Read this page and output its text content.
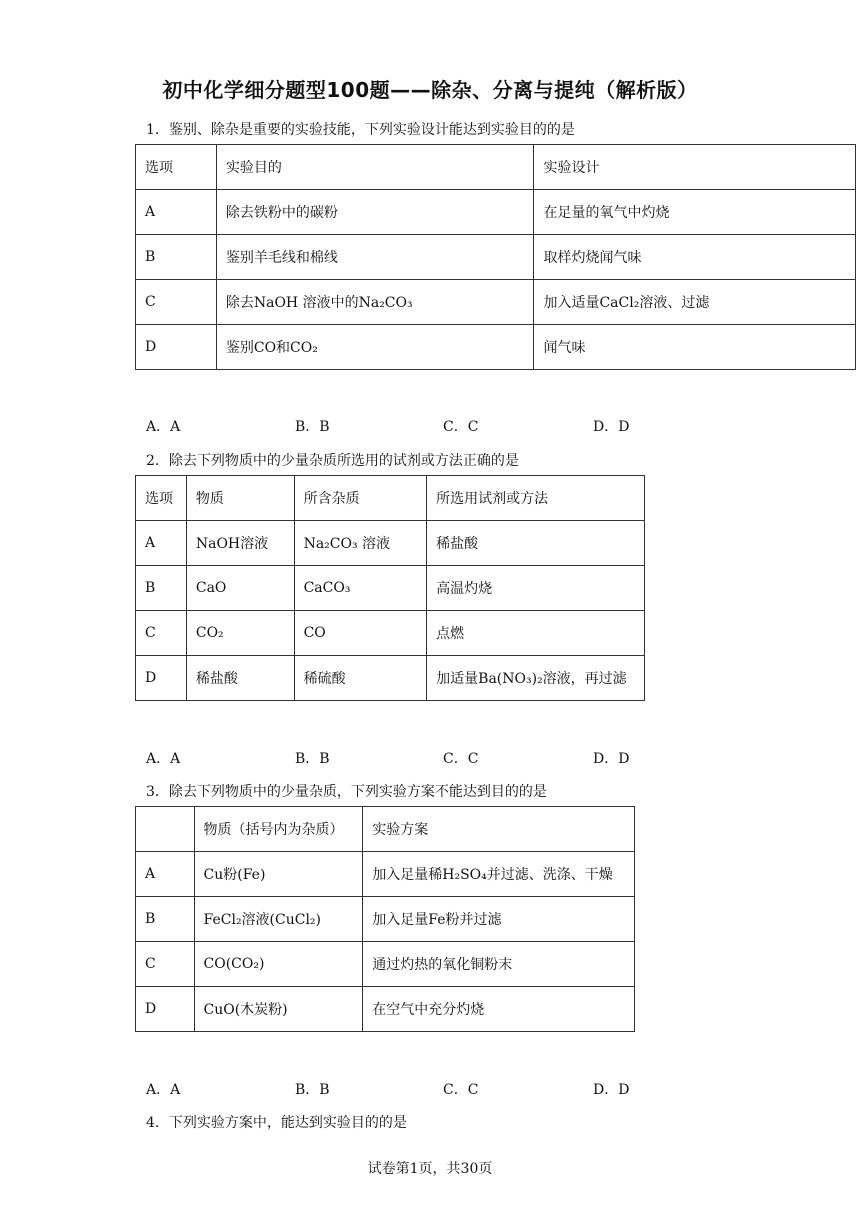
初中化学细分题型100题——除杂、分离与提纯（解析版）
1．鉴别、除杂是重要的实验技能，下列实验设计能达到实验目的的是
选项	实验目的	实验设计
A	除去铁粉中的碳粉	在足量的氧气中灼烧
B	鉴别羊毛线和棉线	取样灼烧闻气味
C	除去NaOH 溶液中的Na₂CO₃	加入适量CaCl₂溶液、过滤
D	鉴别CO和CO₂	闻气味
A．A	B．B	C．C	D．D
2．除去下列物质中的少量杂质所选用的试剂或方法正确的是
选项	物质	所含杂质	所选用试剂或方法
A	NaOH溶液	Na₂CO₃ 溶液	稀盐酸
B	CaO	CaCO₃	高温灼烧
C	CO₂	CO	点燃
D	稀盐酸	稀硫酸	加适量Ba(NO₃)₂溶液，再过滤
A．A	B．B	C．C	D．D
3．除去下列物质中的少量杂质，下列实验方案不能达到目的的是
	物质（括号内为杂质）	实验方案
A	Cu粉(Fe)	加入足量稀H₂SO₄并过滤、洗涤、干燥
B	FeCl₂溶液(CuCl₂)	加入足量Fe粉并过滤
C	CO(CO₂)	通过灼热的氧化铜粉末
D	CuO(木炭粉)	在空气中充分灼烧
A．A	B．B	C．C	D．D
4．下列实验方案中，能达到实验目的的是
试卷第1页，共30页
